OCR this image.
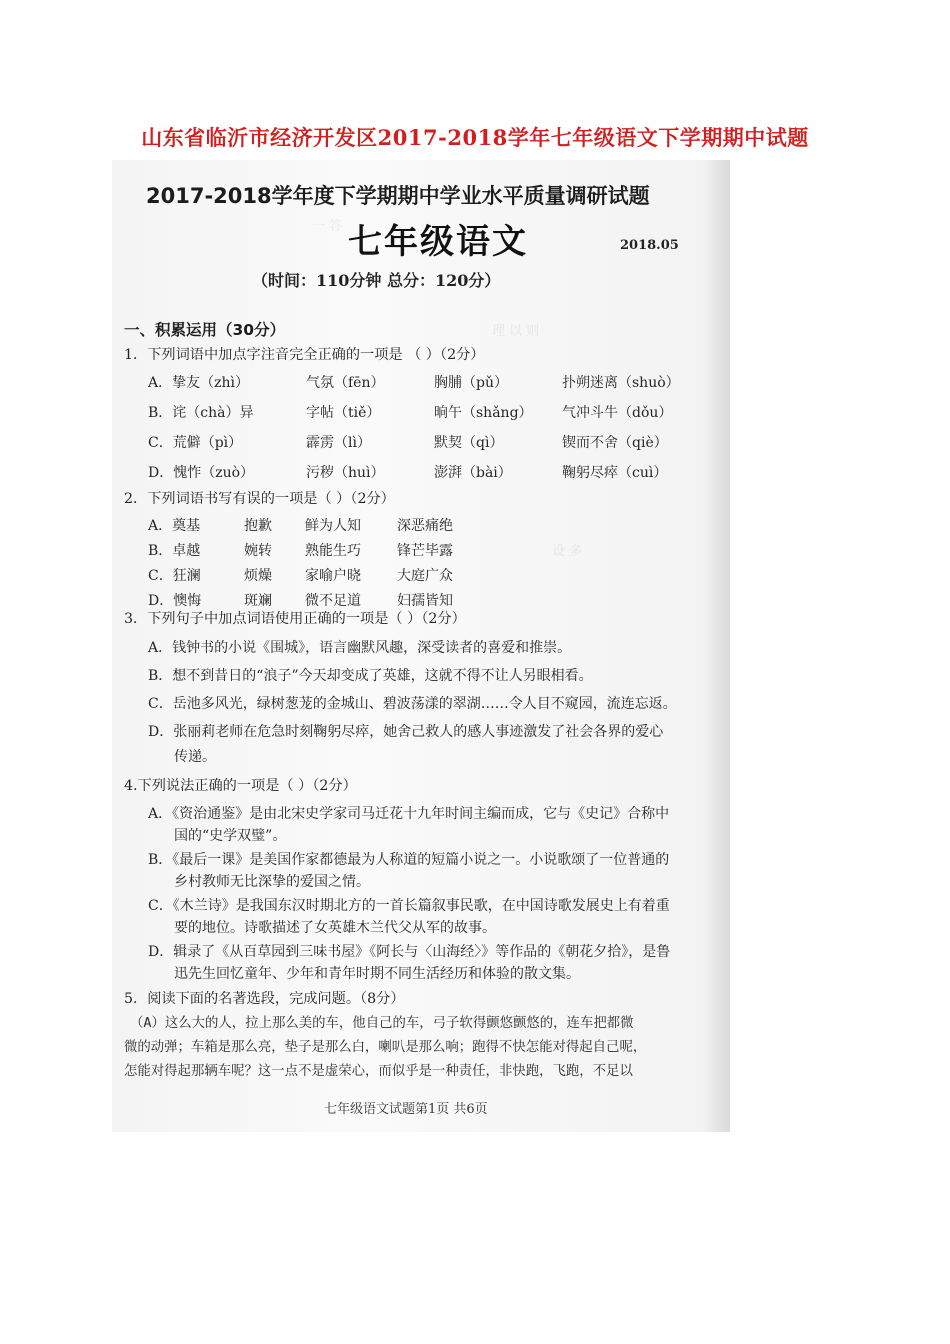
山东省临沂市经济开发区2017-2018学年七年级语文下学期期中试题
一 答
理 以 则
设 多
2017-2018学年度下学期期中学业水平质量调研试题
七年级语文	2018.05
（时间：110分钟 总分：120分）
一、积累运用（30分）
1．下列词语中加点字注音完全正确的一项是 （ ）（2分）
A．挚友（zhì）	气氛（fēn）	胸脯（pǔ）	扑朔迷离（shuò）
B．诧（chà）异	字帖（tiě）	晌午（shǎng）	气冲斗牛（dǒu）
C．荒僻（pì）	霹雳（lì）	默契（qì）	锲而不舍（qiè）
D．愧怍（zuò）	污秽（huì）	澎湃（bài）	鞠躬尽瘁（cuì）
2．下列词语书写有误的一项是（ ）（2分）
A．奠基	抱歉	鲜为人知	深恶痛绝
B．卓越	婉转	熟能生巧	锋芒毕露
C．狂澜	烦燥	家喻户晓	大庭广众
D．懊悔	斑斓	微不足道	妇孺皆知
3．下列句子中加点词语使用正确的一项是（ ）（2分）
A．钱钟书的小说《围城》，语言幽默风趣，深受读者的喜爱和推崇。
B．想不到昔日的“浪子”今天却变成了英雄，这就不得不让人另眼相看。
C．岳池多风光，绿树葱茏的金城山、碧波荡漾的翠湖……令人目不窥园，流连忘返。
D．张丽莉老师在危急时刻鞠躬尽瘁，她舍己救人的感人事迹激发了社会各界的爱心
传递。
4.下列说法正确的一项是（ ）（2分）
A．《资治通鉴》是由北宋史学家司马迁花十九年时间主编而成，它与《史记》合称中
国的“史学双璧”。
B．《最后一课》是美国作家都德最为人称道的短篇小说之一。小说歌颂了一位普通的
乡村教师无比深挚的爱国之情。
C．《木兰诗》是我国东汉时期北方的一首长篇叙事民歌，在中国诗歌发展史上有着重
要的地位。诗歌描述了女英雄木兰代父从军的故事。
D．辑录了《从百草园到三味书屋》《阿长与〈山海经〉》等作品的《朝花夕拾》，是鲁
迅先生回忆童年、少年和青年时期不同生活经历和体验的散文集。
5．阅读下面的名著选段，完成问题。（8分）
（A）这么大的人，拉上那么美的车，他自己的车，弓子软得颤悠颤悠的，连车把都微
微的动弹；车箱是那么亮，垫子是那么白，喇叭是那么响；跑得不快怎能对得起自己呢，
怎能对得起那辆车呢？这一点不是虚荣心，而似乎是一种责任，非快跑，飞跑，不足以
七年级语文试题第1页 共6页
